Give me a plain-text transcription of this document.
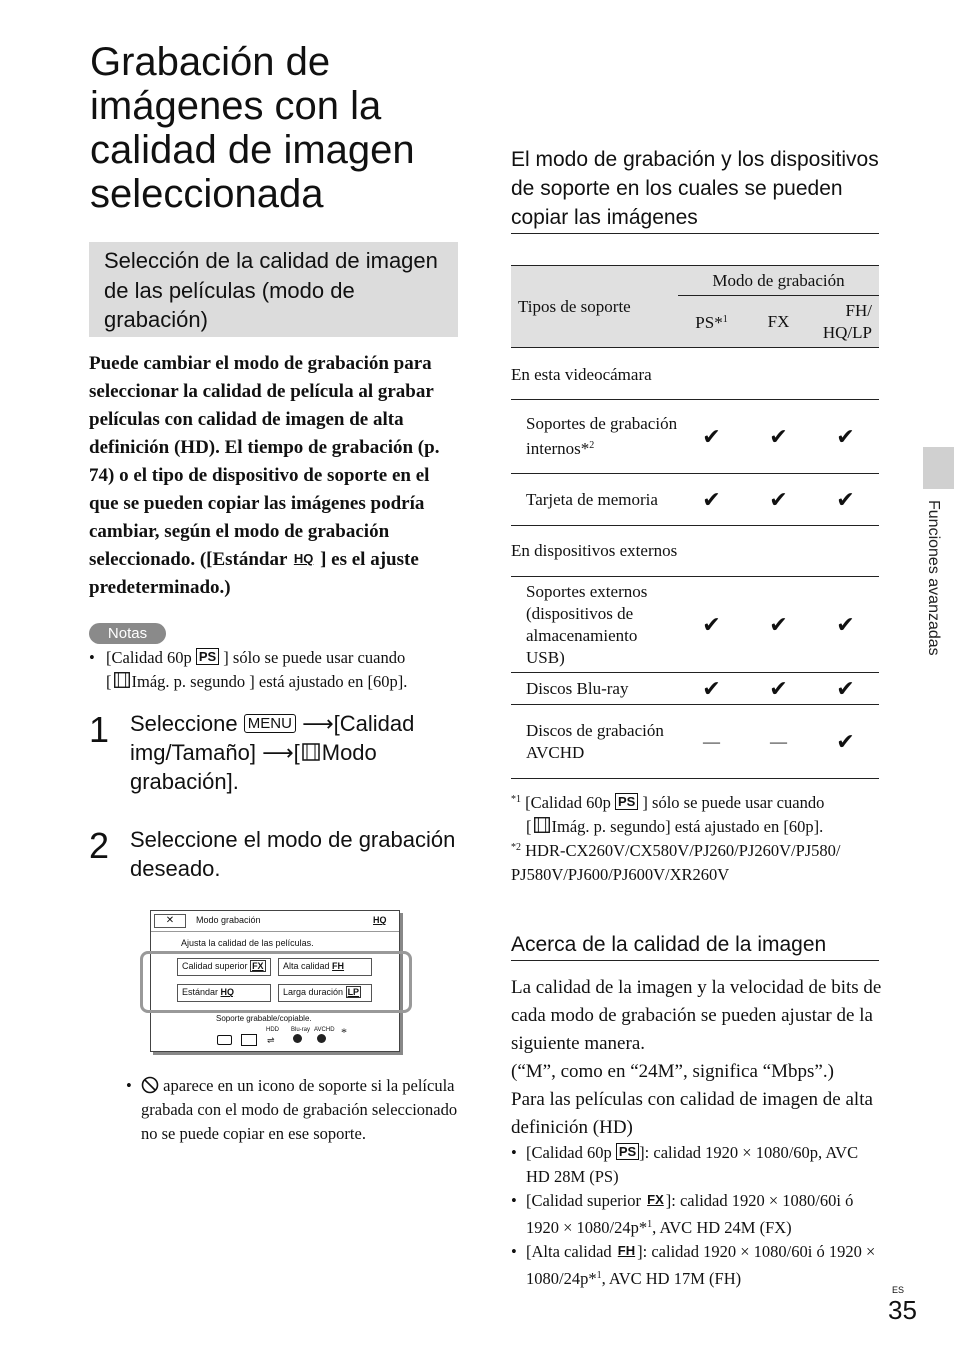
Grabación de imágenes con la calidad de imagen seleccionada
Selección de la calidad de imagen de las películas (modo de grabación)
Puede cambiar el modo de grabación para seleccionar la calidad de película al grabar películas con calidad de imagen de alta definición (HD). El tiempo de grabación (p. 74) o el tipo de dispositivo de soporte en el que se pueden copiar las imágenes podría cambiar, según el modo de grabación seleccionado. ([Estándar HQ ] es el ajuste predeterminado.)
Notas
• [Calidad 60p PS ] sólo se puede usar cuando
[ Imág. p. segundo ] está ajustado en [60p].
1 Seleccione MENU ⟶[Calidad img/Tamaño] ⟶[ Modo grabación].
2 Seleccione el modo de grabación deseado.
✕	Modo grabación	HQ
Ajusta la calidad de las películas.
Calidad superior FX	Alta calidad FH
Estándar HQ	Larga duración LP
Soporte grabable/copiable.
HDD
⇌
Blu-ray AVCHD *
•	aparece en un icono de soporte si la película grabada con el modo de grabación seleccionado no se puede copiar en ese soporte.
El modo de grabación y los dispositivos de soporte en los cuales se pueden copiar las imágenes
Tipos de soporte	Modo de grabación		
	PS*$^1$	FX	FH/ HQ/LP
En esta videocámara			
Soportes de grabación internos*$^2$	✔	✔	✔
Tarjeta de memoria	✔	✔	✔
En dispositivos externos			
Soportes externos (dispositivos de almacenamiento USB)	✔	✔	✔
Discos Blu-ray	✔	✔	✔
Discos de grabación AVCHD	—	—	✔
$^{*1}$ [Calidad 60p PS ] sólo se puede usar cuando
[ Imág. p. segundo] está ajustado en [60p].
$^{*2}$ HDR-CX260V/CX580V/PJ260/PJ260V/PJ580/ PJ580V/PJ600/PJ600V/XR260V
Acerca de la calidad de la imagen
La calidad de la imagen y la velocidad de bits de cada modo de grabación se pueden ajustar de la siguiente manera.
(“M”, como en “24M”, significa “Mbps”.)
Para las películas con calidad de imagen de alta definición (HD)
• [Calidad 60p PS ]: calidad 1920 × 1080/60p, AVC HD 28M (PS)
• [Calidad superior FX ]: calidad 1920 × 1080/60i ó 1920 × 1080/24p*$^1$, AVC HD 24M (FX)
• [Alta calidad FH ]: calidad 1920 × 1080/60i ó 1920 × 1080/24p*$^1$, AVC HD 17M (FH)
Funciones avanzadas
ES
35
